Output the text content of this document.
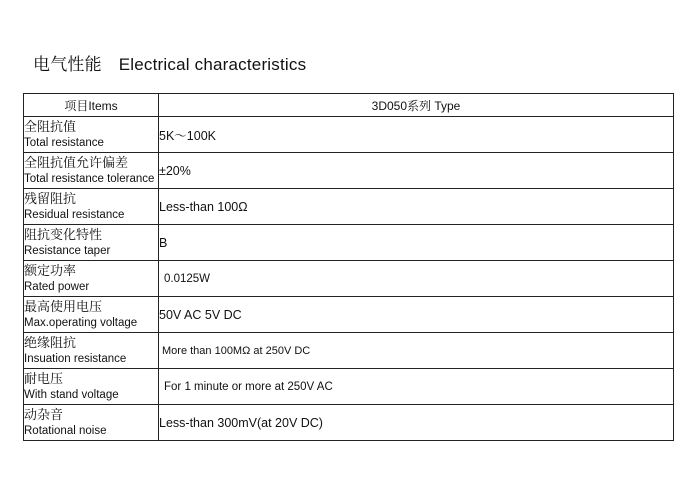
电气性能 Electrical characteristics
项目Items	3D050系列 Type

全阻抗值
Total resistance	5K～100K

全阻抗值允许偏差
Total resistance tolerance	±20%

残留阻抗
Residual resistance	Less-than 100Ω

阻抗变化特性
Resistance taper	B

额定功率
Rated power	0.0125W

最高使用电压
Max.operating voltage	50V AC 5V DC

绝缘阻抗
Insuation resistance	More than 100MΩ at 250V DC

耐电压
With stand voltage	For 1 minute or more at 250V AC

动杂音
Rotational noise	Less-than 300mV(at 20V DC)
